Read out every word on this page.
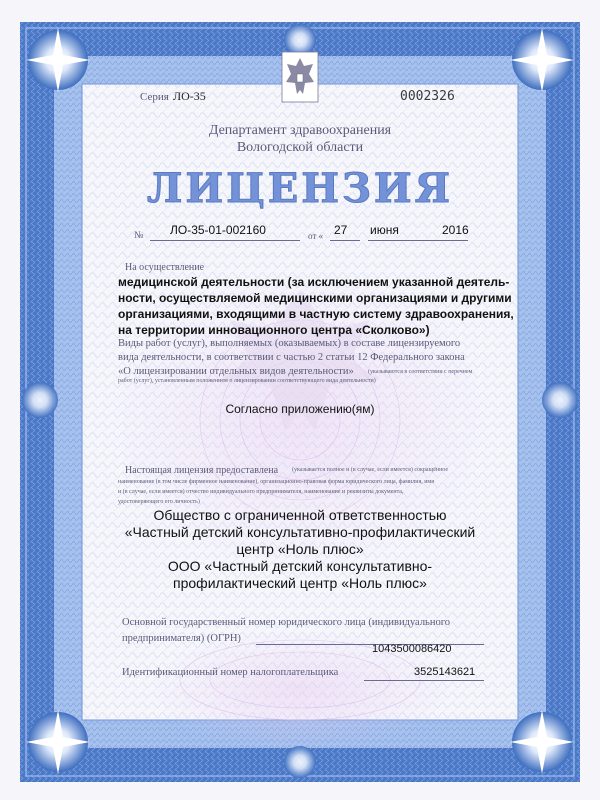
Серия ЛО-35	0002326
Департамент здравоохранения
Вологодской области
ЛИЦЕНЗИЯ
№ ЛО-35-01-002160	от « 27 июня	2016
На осуществление
медицинской деятельности (за исключением указанной деятель-
ности, осуществляемой медицинскими организациями и другими
организациями, входящими в частную систему здравоохранения,
на территории инновационного центра «Сколково»)
Виды работ (услуг), выполняемых (оказываемых) в составе лицензируемого
вида деятельности, в соответствии с частью 2 статьи 12 Федерального закона
«О лицензировании отдельных видов деятельности» (указываются в соответствии с перечнем
работ (услуг), установленным положением о лицензировании соответствующего вида деятельности)
Согласно приложению(ям)
Настоящая лицензия предоставлена (указывается полное и (в случае, если имеется) сокращённое
наименование (в том числе фирменное наименование), организационно-правовая форма юридического лица, фамилия, имя
и (в случае, если имеется) отчество индивидуального предпринимателя, наименование и реквизиты документа,
удостоверяющего его личность)
Общество с ограниченной ответственностью
«Частный детский консультативно-профилактический
центр «Ноль плюс»
ООО «Частный детский консультативно-
профилактический центр «Ноль плюс»
Основной государственный номер юридического лица (индивидуального
предпринимателя) (ОГРН)
1043500086420
Идентификационный номер налогоплательщика	3525143621
